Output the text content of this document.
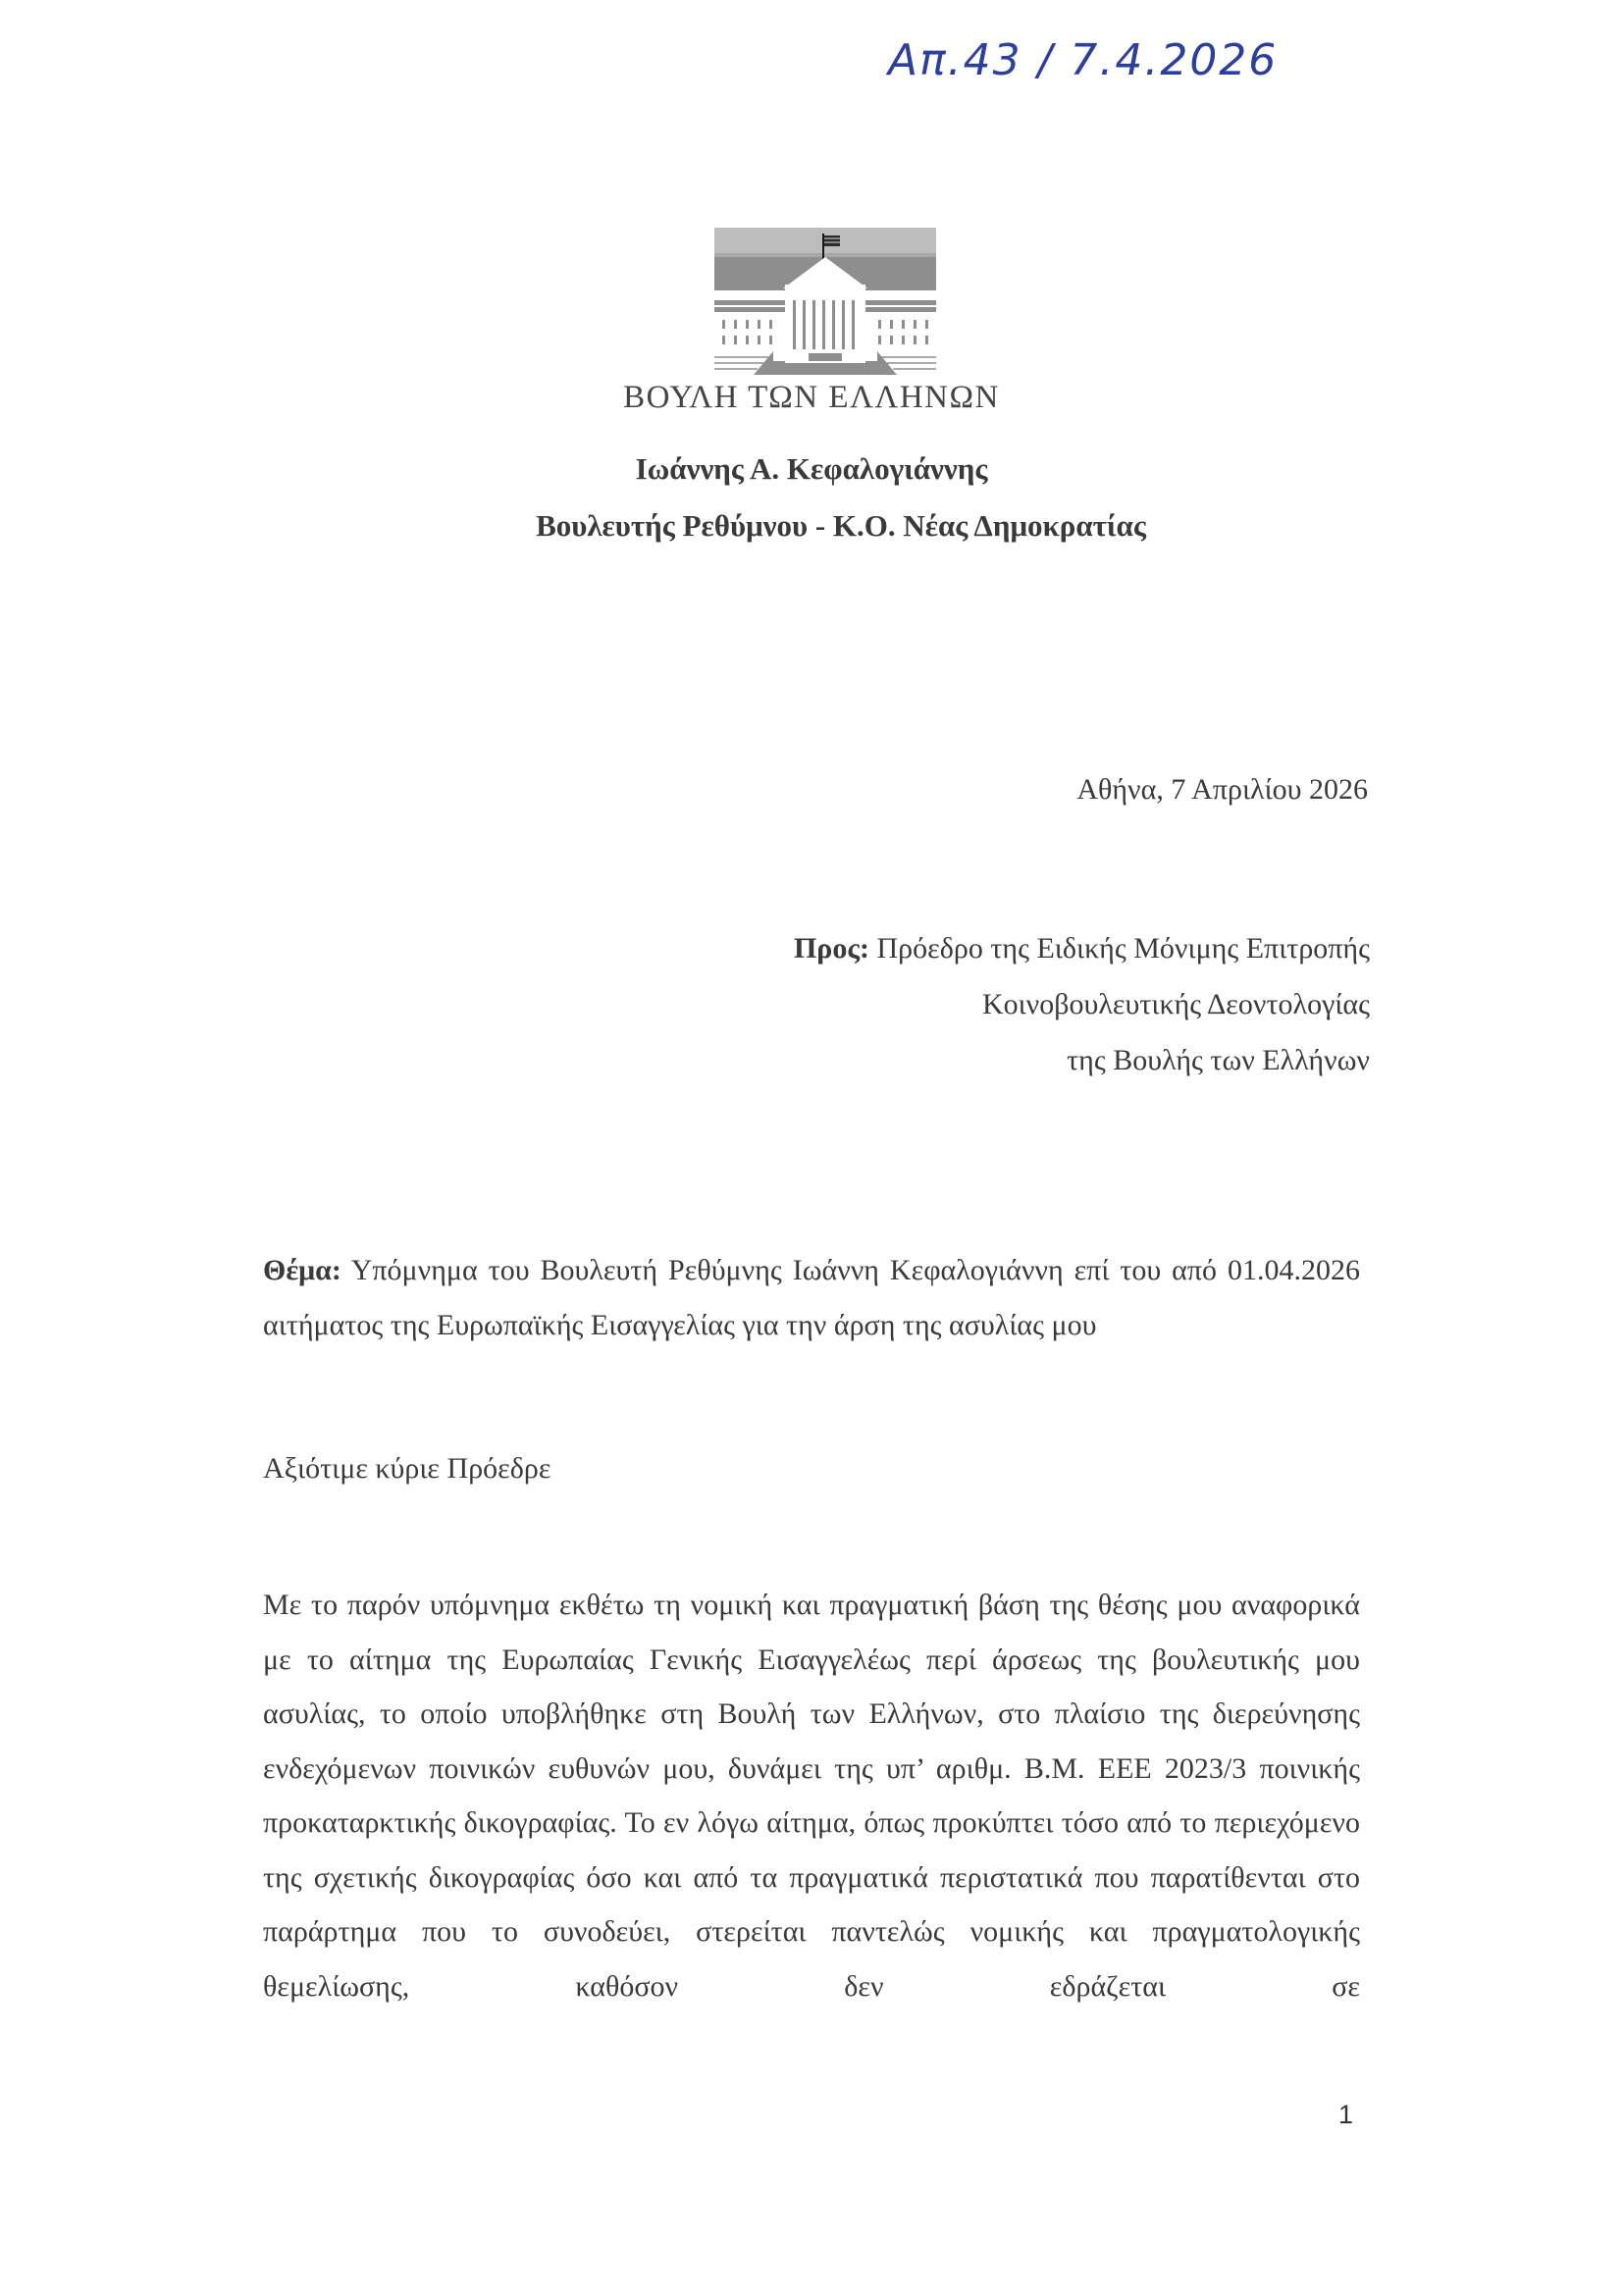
Απ.43 / 7.4.2026
ΒΟΥΛΗ ΤΩΝ ΕΛΛΗΝΩΝ
Ιωάννης Α. Κεφαλογιάννης
Βουλευτής Ρεθύμνου - Κ.Ο. Νέας Δημοκρατίας
Αθήνα, 7 Απριλίου 2026
Προς: Πρόεδρο της Ειδικής Μόνιμης Επιτροπής
Κοινοβουλευτικής Δεοντολογίας
της Βουλής των Ελλήνων
Θέμα: Υπόμνημα του Βουλευτή Ρεθύμνης Ιωάννη Κεφαλογιάννη επί του από 01.04.2026 αιτήματος της Ευρωπαϊκής Εισαγγελίας για την άρση της ασυλίας μου
Αξιότιμε κύριε Πρόεδρε
Με το παρόν υπόμνημα εκθέτω τη νομική και πραγματική βάση της θέσης μου αναφορικά με το αίτημα της Ευρωπαίας Γενικής Εισαγγελέως περί άρσεως της βουλευτικής μου ασυλίας, το οποίο υποβλήθηκε στη Βουλή των Ελλήνων, στο πλαίσιο της διερεύνησης ενδεχόμενων ποινικών ευθυνών μου, δυνάμει της υπ’ αριθμ. Β.Μ. ΕΕΕ 2023/3 ποινικής προκαταρκτικής δικογραφίας. Το εν λόγω αίτημα, όπως προκύπτει τόσο από το περιεχόμενο της σχετικής δικογραφίας όσο και από τα πραγματικά περιστατικά που παρατίθενται στο παράρτημα που το συνοδεύει, στερείται παντελώς νομικής και πραγματολογικής θεμελίωσης, καθόσον δεν εδράζεται σε
1
